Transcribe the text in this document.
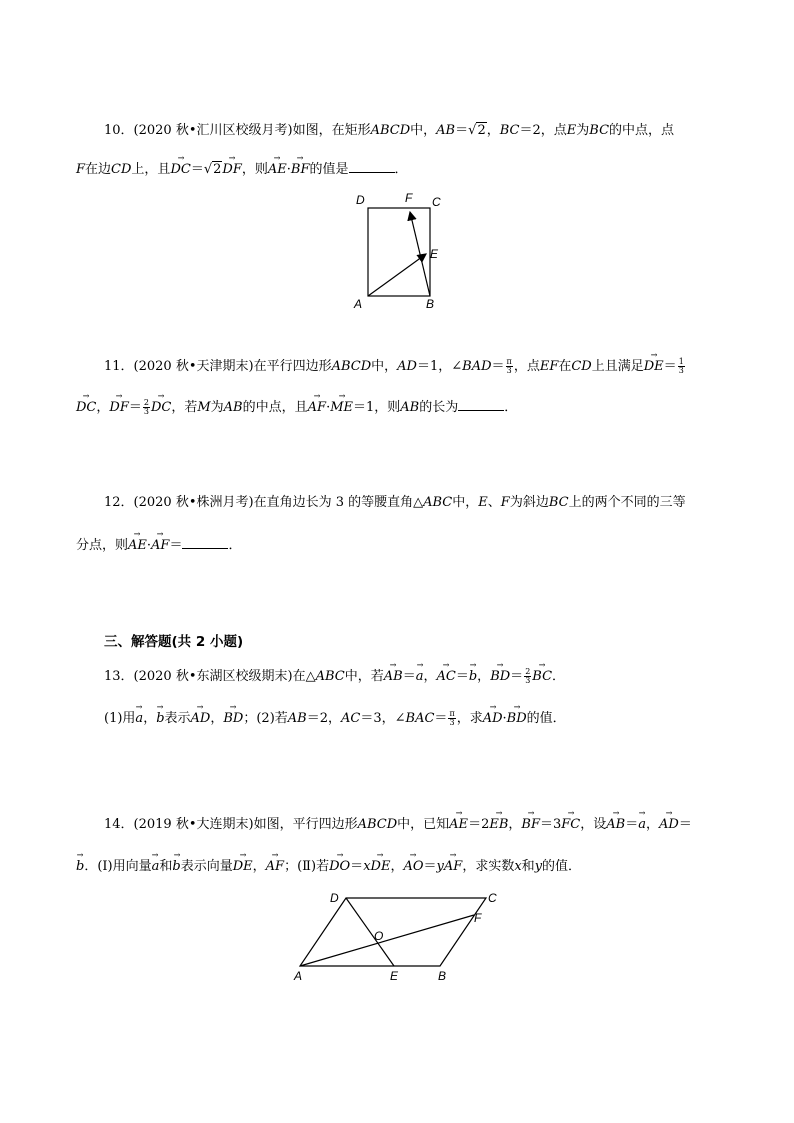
10．(2020 秋•汇川区校级月考)如图，在矩形ABCD中，AB＝√2，BC＝2，点E为BC的中点，点
F在边CD上，且→ DC＝√2→ DF，则→ AE·→ BF的值是	．
D	F C
E
A	B
11．(2020 秋•天津期末)在平行四边形ABCD中，AD＝1，∠BAD＝ $\frac{\pi}{3}$ ，点EF在CD上且满足→ $DE= \frac{1}{3}$
→ DC，→ $DF= \frac{2}{3}$ → DC，若M为AB的中点，且→ AF·→ ME＝1，则AB的长为	．
12．(2020 秋•株洲月考)在直角边长为 3 的等腰直角△ABC中，E、F为斜边BC上的两个不同的三等
分点，则→ AE·→ AF＝	．
三、解答题(共 2 小题)
13．(2020 秋•东湖区校级期末)在△ABC中，若→ AB＝→ a，→ AC＝→ b，→ $BD= \frac{2}{3}$ → BC．
(1)用→ a，→ b表示→ AD，→ BD；(2)若AB＝2，AC＝3，∠BAC＝ $\frac{\pi}{3}$ ，求→ AD·→ BD的值．
14．(2019 秋•大连期末)如图，平行四边形ABCD中，已知→ AE＝2→ EB，→ BF＝3→ FC，设→ AB＝→ a，→ AD＝
→ b．(Ⅰ)用向量→ a和→ b表示向量→ DE，→ AF；(Ⅱ)若→ DO＝x→ DE，→ AO＝y→ AF，求实数x和y的值．
D	C
F
O
A	E	B
